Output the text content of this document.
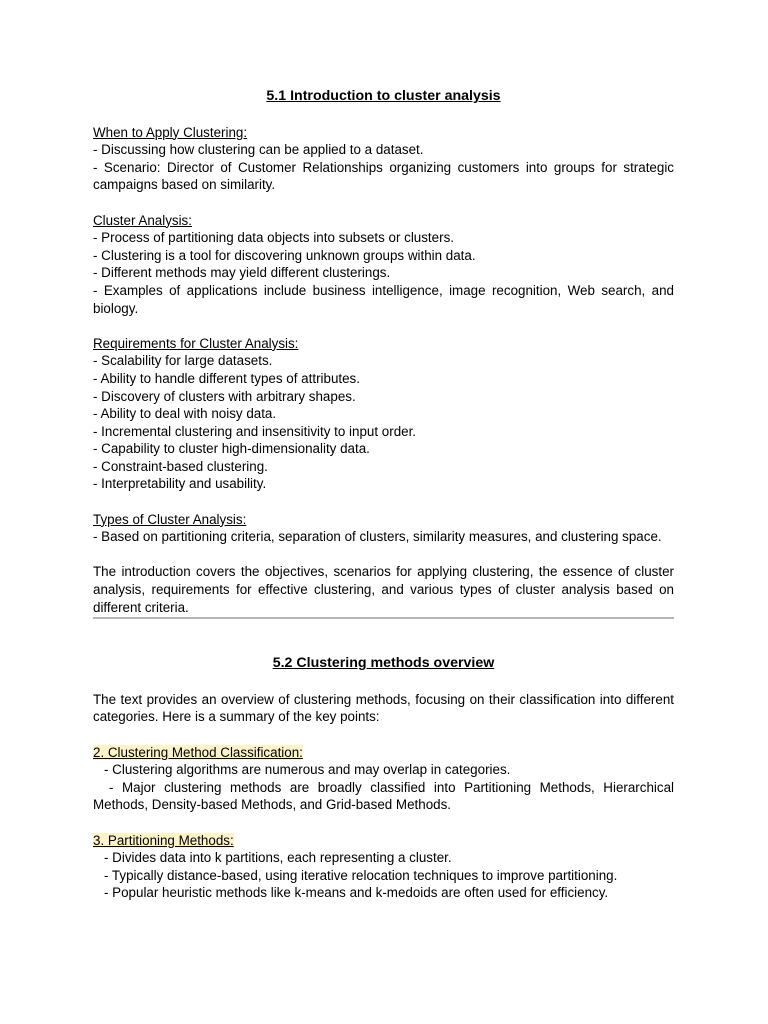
5.1 Introduction to cluster analysis
When to Apply Clustering:
- Discussing how clustering can be applied to a dataset.
- Scenario: Director of Customer Relationships organizing customers into groups for strategic campaigns based on similarity.
Cluster Analysis:
- Process of partitioning data objects into subsets or clusters.
- Clustering is a tool for discovering unknown groups within data.
- Different methods may yield different clusterings.
- Examples of applications include business intelligence, image recognition, Web search, and biology.
Requirements for Cluster Analysis:
- Scalability for large datasets.
- Ability to handle different types of attributes.
- Discovery of clusters with arbitrary shapes.
- Ability to deal with noisy data.
- Incremental clustering and insensitivity to input order.
- Capability to cluster high-dimensionality data.
- Constraint-based clustering.
- Interpretability and usability.
Types of Cluster Analysis:
- Based on partitioning criteria, separation of clusters, similarity measures, and clustering space.
The introduction covers the objectives, scenarios for applying clustering, the essence of cluster analysis, requirements for effective clustering, and various types of cluster analysis based on different criteria.
5.2 Clustering methods overview
The text provides an overview of clustering methods, focusing on their classification into different categories. Here is a summary of the key points:
2. Clustering Method Classification:
- Clustering algorithms are numerous and may overlap in categories.
- Major clustering methods are broadly classified into Partitioning Methods, Hierarchical Methods, Density-based Methods, and Grid-based Methods.
3. Partitioning Methods:
- Divides data into k partitions, each representing a cluster.
- Typically distance-based, using iterative relocation techniques to improve partitioning.
- Popular heuristic methods like k-means and k-medoids are often used for efficiency.
